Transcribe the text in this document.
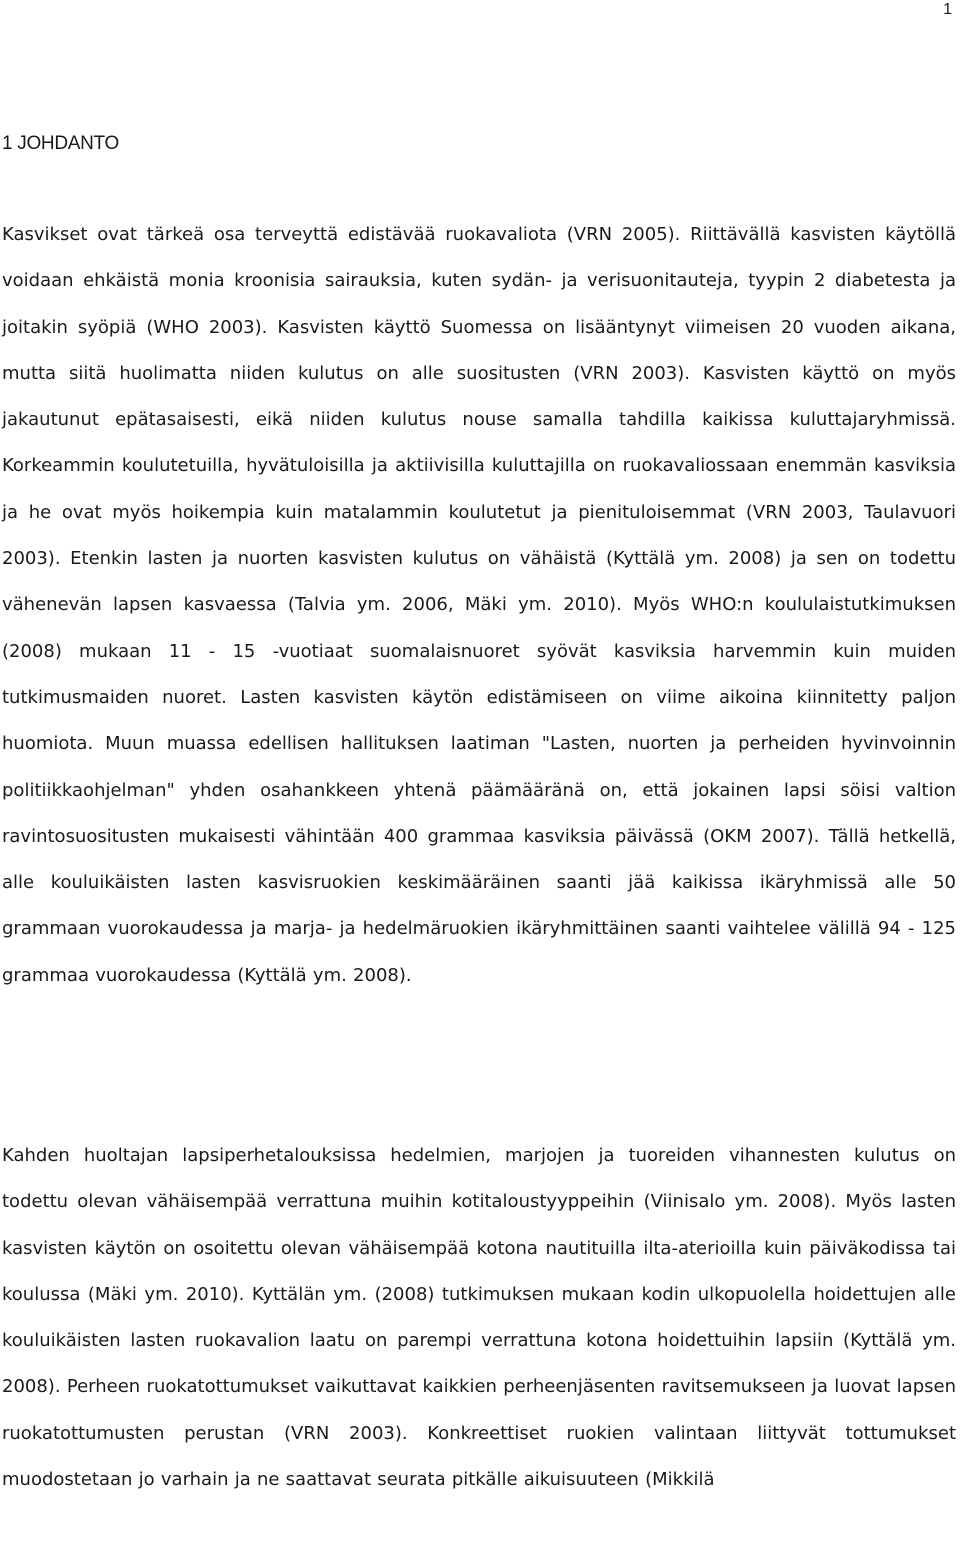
1
1 JOHDANTO

Kasvikset ovat tärkeä osa terveyttä edistävää ruokavaliota (VRN 2005). Riittävällä kasvisten käytöllä voidaan ehkäistä monia kroonisia sairauksia, kuten sydän- ja verisuonitauteja, tyypin 2 diabetesta ja joitakin syöpiä (WHO 2003). Kasvisten käyttö Suomessa on lisääntynyt viimeisen 20 vuoden aikana, mutta siitä huolimatta niiden kulutus on alle suositusten (VRN 2003). Kasvisten käyttö on myös jakautunut epätasaisesti, eikä niiden kulutus nouse samalla tahdilla kaikissa kuluttajaryhmissä. Korkeammin koulutetuilla, hyvätuloisilla ja aktiivisilla kuluttajilla on ruokavaliossaan enemmän kasviksia ja he ovat myös hoikempia kuin matalammin koulutetut ja pienituloisemmat (VRN 2003, Taulavuori 2003). Etenkin lasten ja nuorten kasvisten kulutus on vähäistä (Kyttälä ym. 2008) ja sen on todettu vähenevän lapsen kasvaessa (Talvia ym. 2006, Mäki ym. 2010). Myös WHO:n koululaistutkimuksen (2008) mukaan 11 - 15 -vuotiaat suomalaisnuoret syövät kasviksia harvemmin kuin muiden tutkimusmaiden nuoret. Lasten kasvisten käytön edistämiseen on viime aikoina kiinnitetty paljon huomiota. Muun muassa edellisen hallituksen laatiman "Lasten, nuorten ja perheiden hyvinvoinnin politiikkaohjelman" yhden osahankkeen yhtenä päämääränä on, että jokainen lapsi söisi valtion ravintosuositusten mukaisesti vähintään 400 grammaa kasviksia päivässä (OKM 2007). Tällä hetkellä, alle kouluikäisten lasten kasvisruokien keskimääräinen saanti jää kaikissa ikäryhmissä alle 50 grammaan vuorokaudessa ja marja- ja hedelmäruokien ikäryhmittäinen saanti vaihtelee välillä 94 - 125 grammaa vuorokaudessa (Kyttälä ym. 2008).

Kahden huoltajan lapsiperhetalouksissa hedelmien, marjojen ja tuoreiden vihannesten kulutus on todettu olevan vähäisempää verrattuna muihin kotitaloustyyppeihin (Viinisalo ym. 2008). Myös lasten kasvisten käytön on osoitettu olevan vähäisempää kotona nautituilla ilta-aterioilla kuin päiväkodissa tai koulussa (Mäki ym. 2010). Kyttälän ym. (2008) tutkimuksen mukaan kodin ulkopuolella hoidettujen alle kouluikäisten lasten ruokavalion laatu on parempi verrattuna kotona hoidettuihin lapsiin (Kyttälä ym. 2008). Perheen ruokatottumukset vaikuttavat kaikkien perheenjäsenten ravitsemukseen ja luovat lapsen ruokatottumusten perustan (VRN 2003). Konkreettiset ruokien valintaan liittyvät tottumukset muodostetaan jo varhain ja ne saattavat seurata pitkälle aikuisuuteen (Mikkilä
